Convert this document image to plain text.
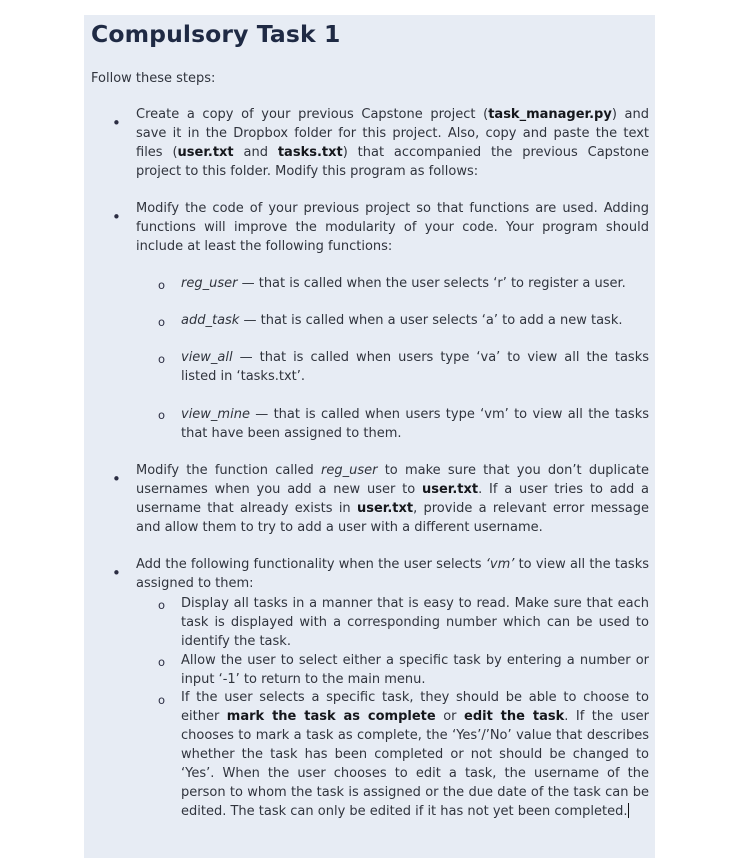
Compulsory Task 1
Follow these steps:
• Create a copy of your previous Capstone project (task_manager.py) and save it in the Dropbox folder for this project. Also, copy and paste the text files (user.txt and tasks.txt) that accompanied the previous Capstone project to this folder. Modify this program as follows:
• Modify the code of your previous project so that functions are used. Adding functions will improve the modularity of your code. Your program should include at least the following functions:
o reg_user — that is called when the user selects ‘r’ to register a user.
o add_task — that is called when a user selects ‘a’ to add a new task.
o view_all — that is called when users type ‘va’ to view all the tasks listed in ‘tasks.txt’.
o view_mine — that is called when users type ‘vm’ to view all the tasks that have been assigned to them.
• Modify the function called reg_user to make sure that you don’t duplicate usernames when you add a new user to user.txt. If a user tries to add a username that already exists in user.txt, provide a relevant error message and allow them to try to add a user with a different username.
• Add the following functionality when the user selects ‘vm’ to view all the tasks assigned to them:
o Display all tasks in a manner that is easy to read. Make sure that each task is displayed with a corresponding number which can be used to identify the task.
o Allow the user to select either a specific task by entering a number or input ‘-1’ to return to the main menu.
o If the user selects a specific task, they should be able to choose to either mark the task as complete or edit the task. If the user chooses to mark a task as complete, the ‘Yes’/’No’ value that describes whether the task has been completed or not should be changed to ‘Yes’. When the user chooses to edit a task, the username of the person to whom the task is assigned or the due date of the task can be edited. The task can only be edited if it has not yet been completed.
